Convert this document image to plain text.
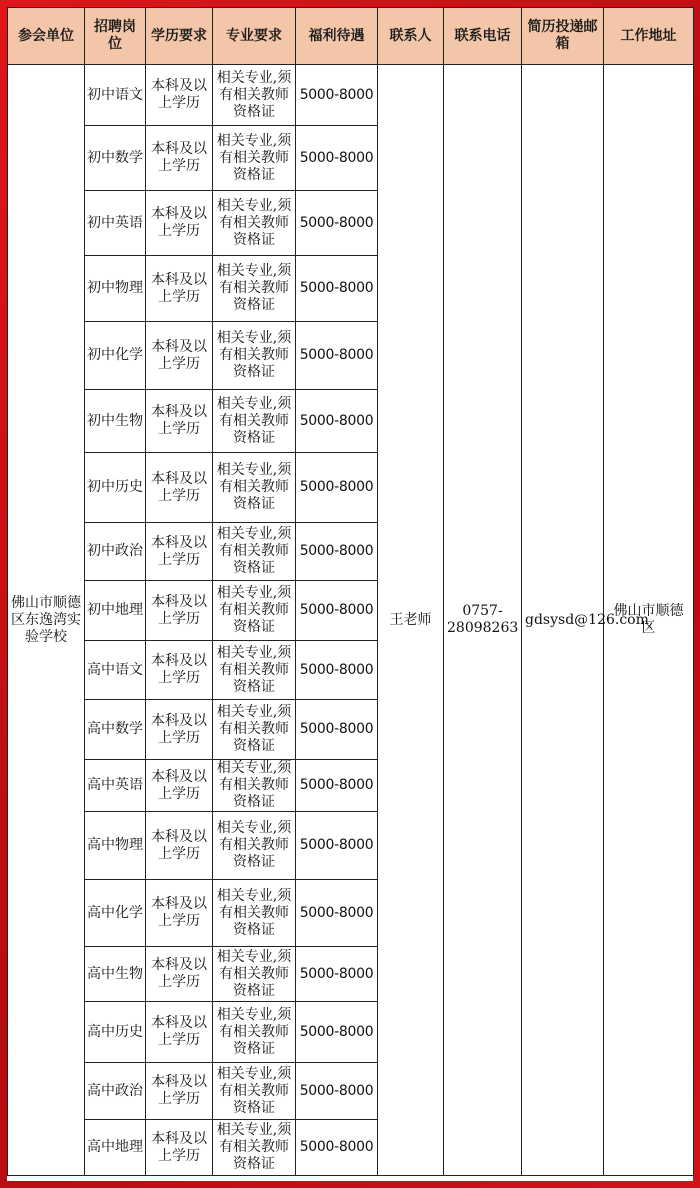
参会单位	招聘岗位	学历要求	专业要求	福利待遇	联系人	联系电话	简历投递邮箱	工作地址
佛山市顺德区东逸湾实验学校	初中语文	本科及以上学历	相关专业,须有相关教师资格证	5000-8000	王老师	0757-28098263	gdsysd@126.com	佛山市顺德区
	初中数学	本科及以上学历	相关专业,须有相关教师资格证	5000-8000				
	初中英语	本科及以上学历	相关专业,须有相关教师资格证	5000-8000				
	初中物理	本科及以上学历	相关专业,须有相关教师资格证	5000-8000				
	初中化学	本科及以上学历	相关专业,须有相关教师资格证	5000-8000				
	初中生物	本科及以上学历	相关专业,须有相关教师资格证	5000-8000				
	初中历史	本科及以上学历	相关专业,须有相关教师资格证	5000-8000				
	初中政治	本科及以上学历	相关专业,须有相关教师资格证	5000-8000				
	初中地理	本科及以上学历	相关专业,须有相关教师资格证	5000-8000				
	高中语文	本科及以上学历	相关专业,须有相关教师资格证	5000-8000				
	高中数学	本科及以上学历	相关专业,须有相关教师资格证	5000-8000				
	高中英语	本科及以上学历	相关专业,须有相关教师资格证	5000-8000				
	高中物理	本科及以上学历	相关专业,须有相关教师资格证	5000-8000				
	高中化学	本科及以上学历	相关专业,须有相关教师资格证	5000-8000				
	高中生物	本科及以上学历	相关专业,须有相关教师资格证	5000-8000				
	高中历史	本科及以上学历	相关专业,须有相关教师资格证	5000-8000				
	高中政治	本科及以上学历	相关专业,须有相关教师资格证	5000-8000				
	高中地理	本科及以上学历	相关专业,须有相关教师资格证	5000-8000				
